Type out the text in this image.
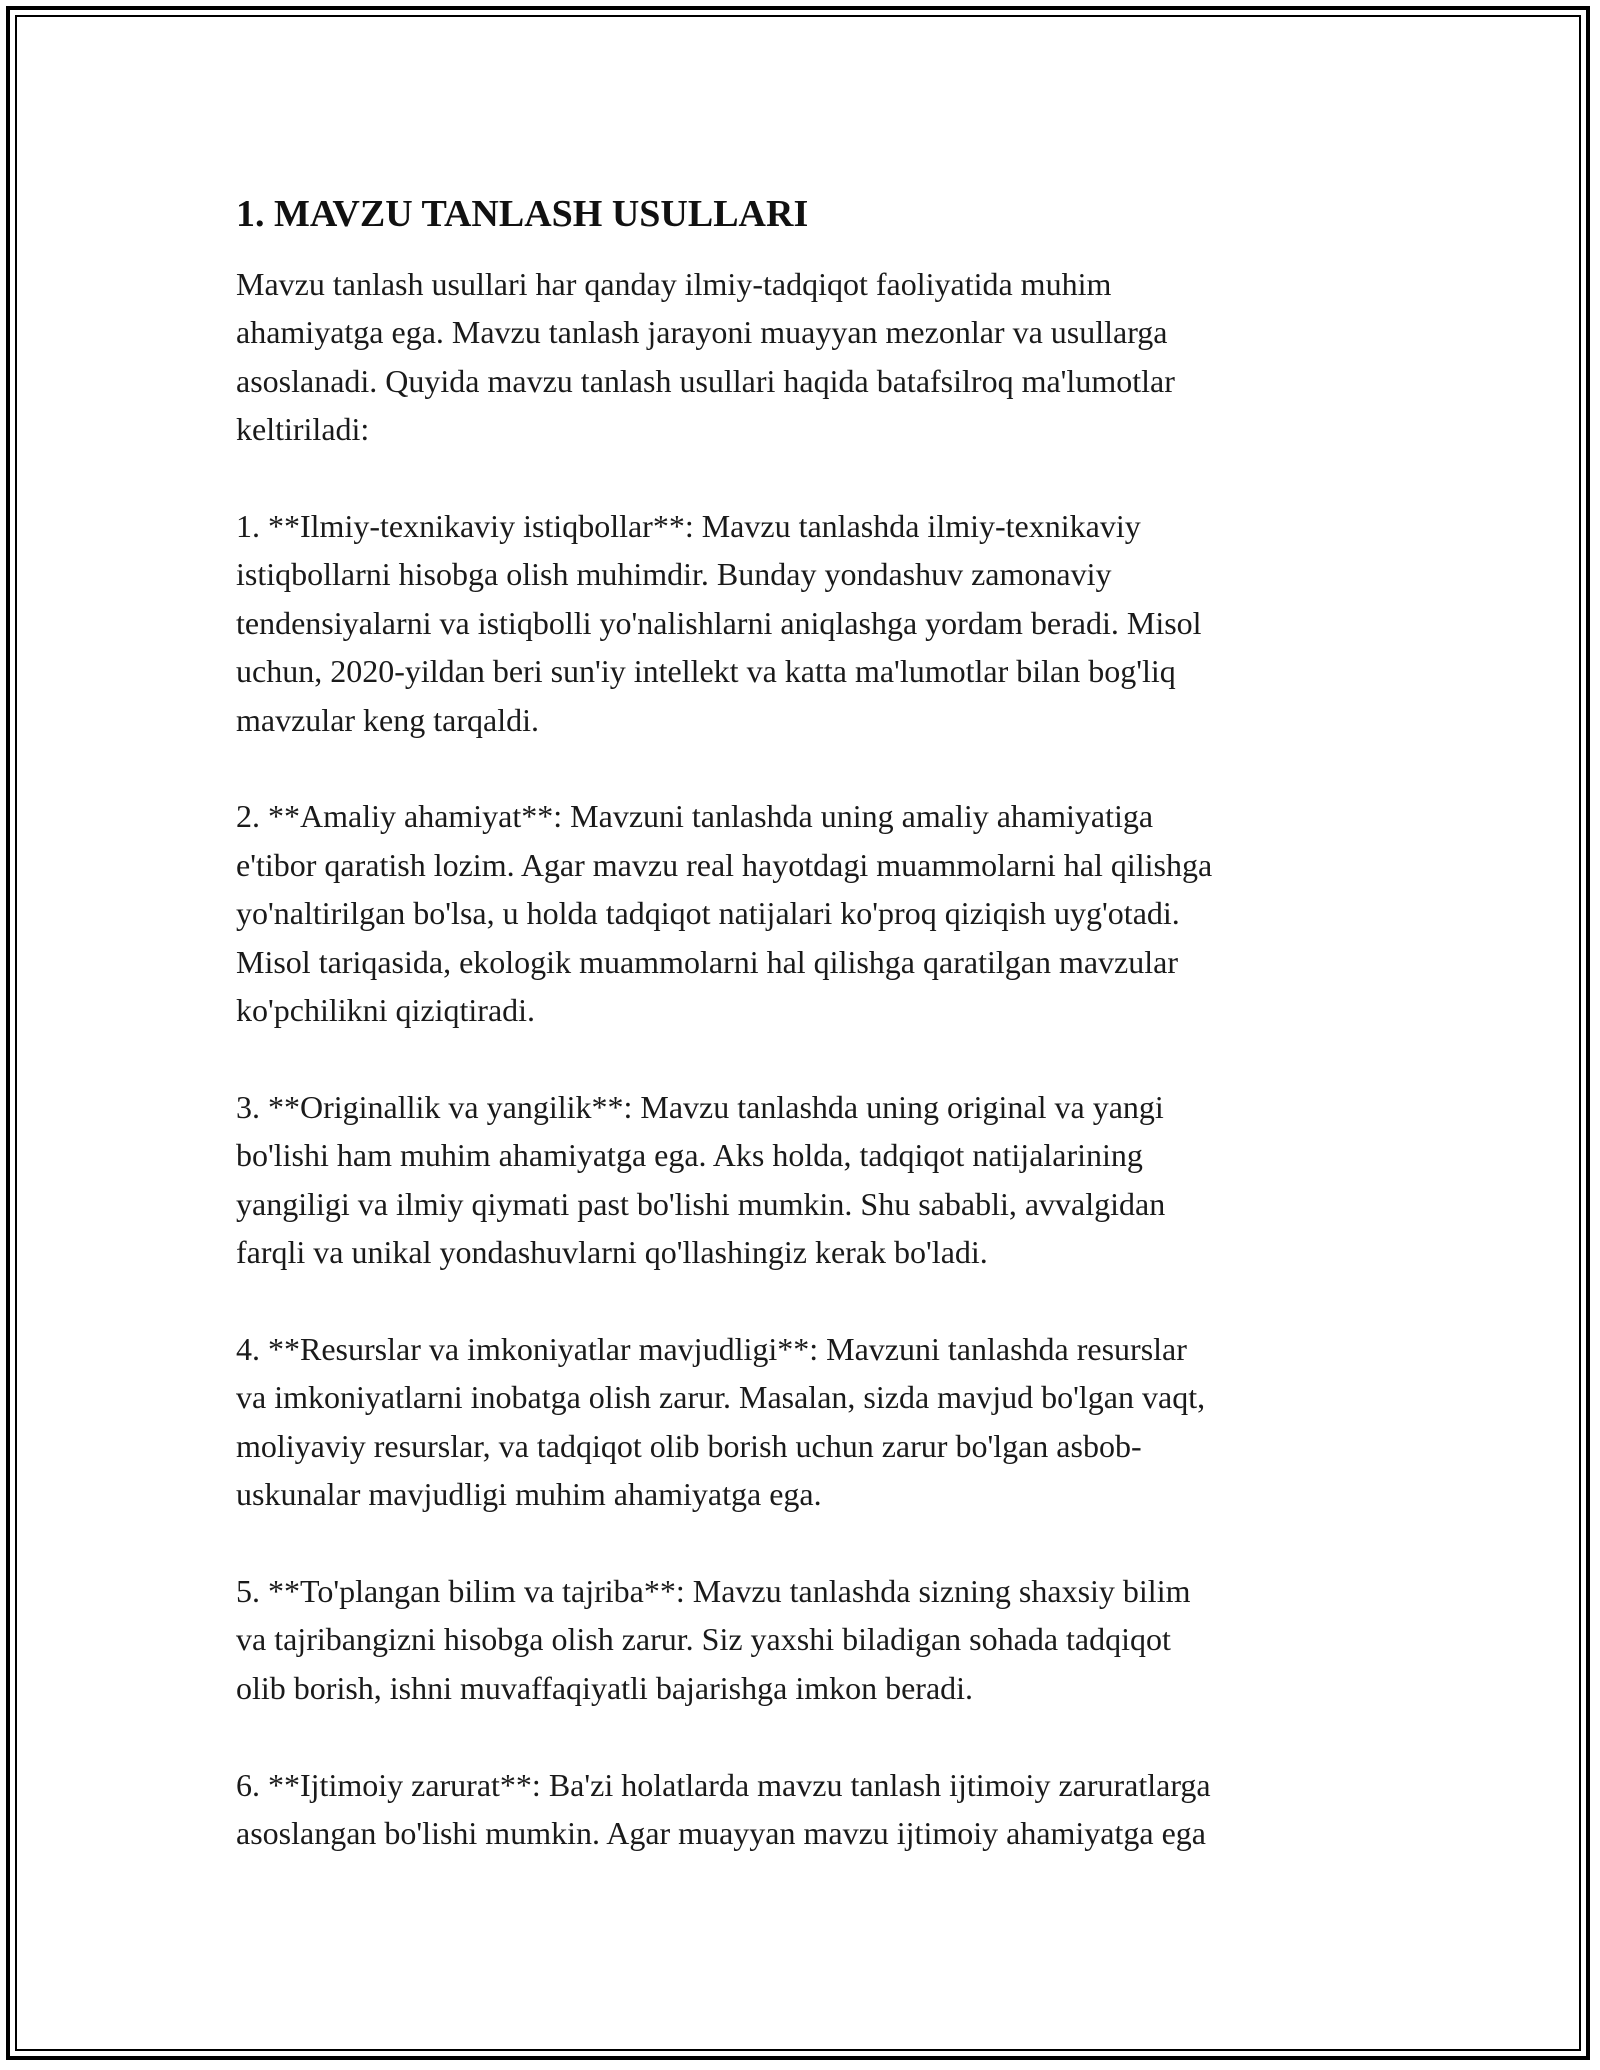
1. MAVZU TANLASH USULLARI

Mavzu tanlash usullari har qanday ilmiy-tadqiqot faoliyatida muhim
ahamiyatga ega. Mavzu tanlash jarayoni muayyan mezonlar va usullarga
asoslanadi. Quyida mavzu tanlash usullari haqida batafsilroq ma'lumotlar
keltiriladi:

1. **Ilmiy-texnikaviy istiqbollar**: Mavzu tanlashda ilmiy-texnikaviy
istiqbollarni hisobga olish muhimdir. Bunday yondashuv zamonaviy
tendensiyalarni va istiqbolli yo'nalishlarni aniqlashga yordam beradi. Misol
uchun, 2020-yildan beri sun'iy intellekt va katta ma'lumotlar bilan bog'liq
mavzular keng tarqaldi.

2. **Amaliy ahamiyat**: Mavzuni tanlashda uning amaliy ahamiyatiga
e'tibor qaratish lozim. Agar mavzu real hayotdagi muammolarni hal qilishga
yo'naltirilgan bo'lsa, u holda tadqiqot natijalari ko'proq qiziqish uyg'otadi.
Misol tariqasida, ekologik muammolarni hal qilishga qaratilgan mavzular
ko'pchilikni qiziqtiradi.

3. **Originallik va yangilik**: Mavzu tanlashda uning original va yangi
bo'lishi ham muhim ahamiyatga ega. Aks holda, tadqiqot natijalarining
yangiligi va ilmiy qiymati past bo'lishi mumkin. Shu sababli, avvalgidan
farqli va unikal yondashuvlarni qo'llashingiz kerak bo'ladi.

4. **Resurslar va imkoniyatlar mavjudligi**: Mavzuni tanlashda resurslar
va imkoniyatlarni inobatga olish zarur. Masalan, sizda mavjud bo'lgan vaqt,
moliyaviy resurslar, va tadqiqot olib borish uchun zarur bo'lgan asbob-
uskunalar mavjudligi muhim ahamiyatga ega.

5. **To'plangan bilim va tajriba**: Mavzu tanlashda sizning shaxsiy bilim
va tajribangizni hisobga olish zarur. Siz yaxshi biladigan sohada tadqiqot
olib borish, ishni muvaffaqiyatli bajarishga imkon beradi.

6. **Ijtimoiy zarurat**: Ba'zi holatlarda mavzu tanlash ijtimoiy zaruratlarga
asoslangan bo'lishi mumkin. Agar muayyan mavzu ijtimoiy ahamiyatga ega
